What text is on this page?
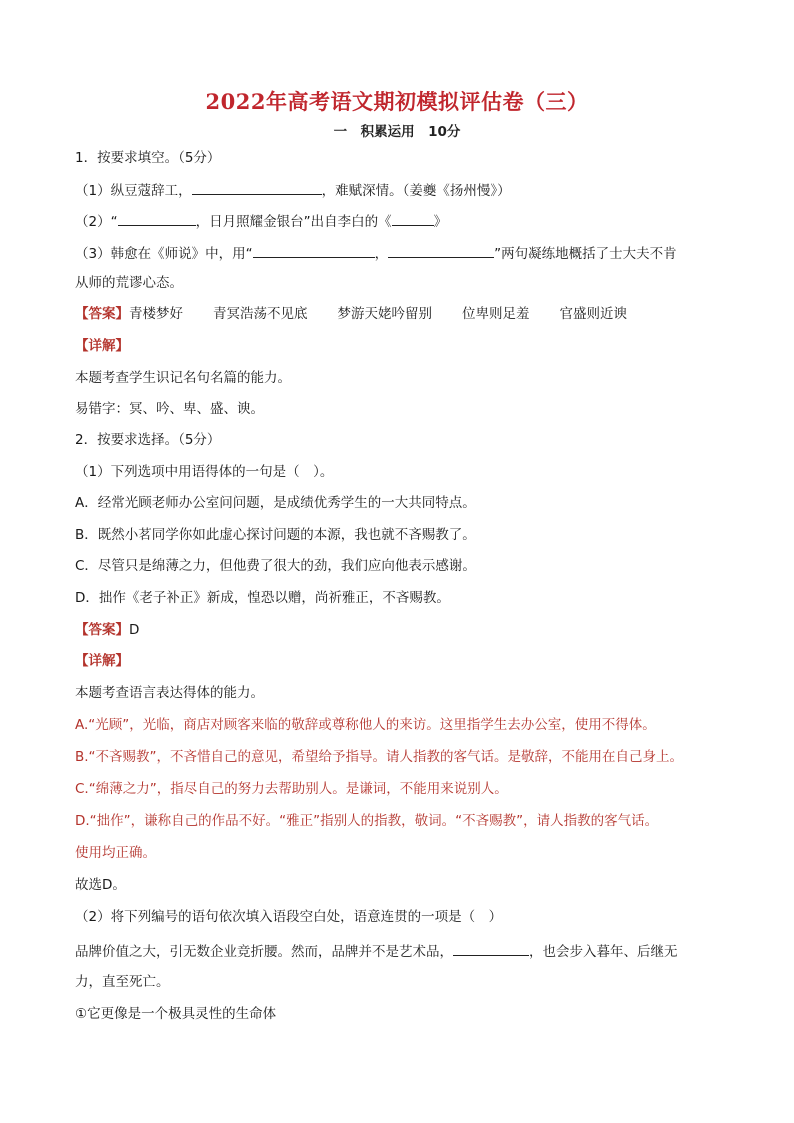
2022年高考语文期初模拟评估卷（三）
一　积累运用　10分
1．按要求填空。（5分）
（1）纵豆蔻辞工，	，难赋深情。（姜夔《扬州慢》）
（2）“	，日月照耀金银台”出自李白的《	》
（3）韩愈在《师说》中，用“	，	”两句凝练地概括了士大夫不肯
从师的荒谬心态。
【答案】青楼梦好 青冥浩荡不见底 梦游天姥吟留别 位卑则足羞 官盛则近谀
【详解】
本题考查学生识记名句名篇的能力。
易错字：冥、吟、卑、盛、谀。
2．按要求选择。（5分）
（1）下列选项中用语得体的一句是（　）。
A．经常光顾老师办公室问问题，是成绩优秀学生的一大共同特点。
B．既然小茗同学你如此虚心探讨问题的本源，我也就不吝赐教了。
C．尽管只是绵薄之力，但他费了很大的劲，我们应向他表示感谢。
D．拙作《老子补正》新成，惶恐以赠，尚祈雅正，不吝赐教。
【答案】D
【详解】
本题考查语言表达得体的能力。
A.“光顾”，光临，商店对顾客来临的敬辞或尊称他人的来访。这里指学生去办公室，使用不得体。
B.“不吝赐教”，不吝惜自己的意见，希望给予指导。请人指教的客气话。是敬辞，不能用在自己身上。
C.“绵薄之力”，指尽自己的努力去帮助别人。是谦词，不能用来说别人。
D.“拙作”，谦称自己的作品不好。“雅正”指别人的指教，敬词。“不吝赐教”，请人指教的客气话。
使用均正确。
故选D。
（2）将下列编号的语句依次填入语段空白处，语意连贯的一项是（　）
品牌价值之大，引无数企业竞折腰。然而，品牌并不是艺术品，	，也会步入暮年、后继无
力，直至死亡。
①它更像是一个极具灵性的生命体
